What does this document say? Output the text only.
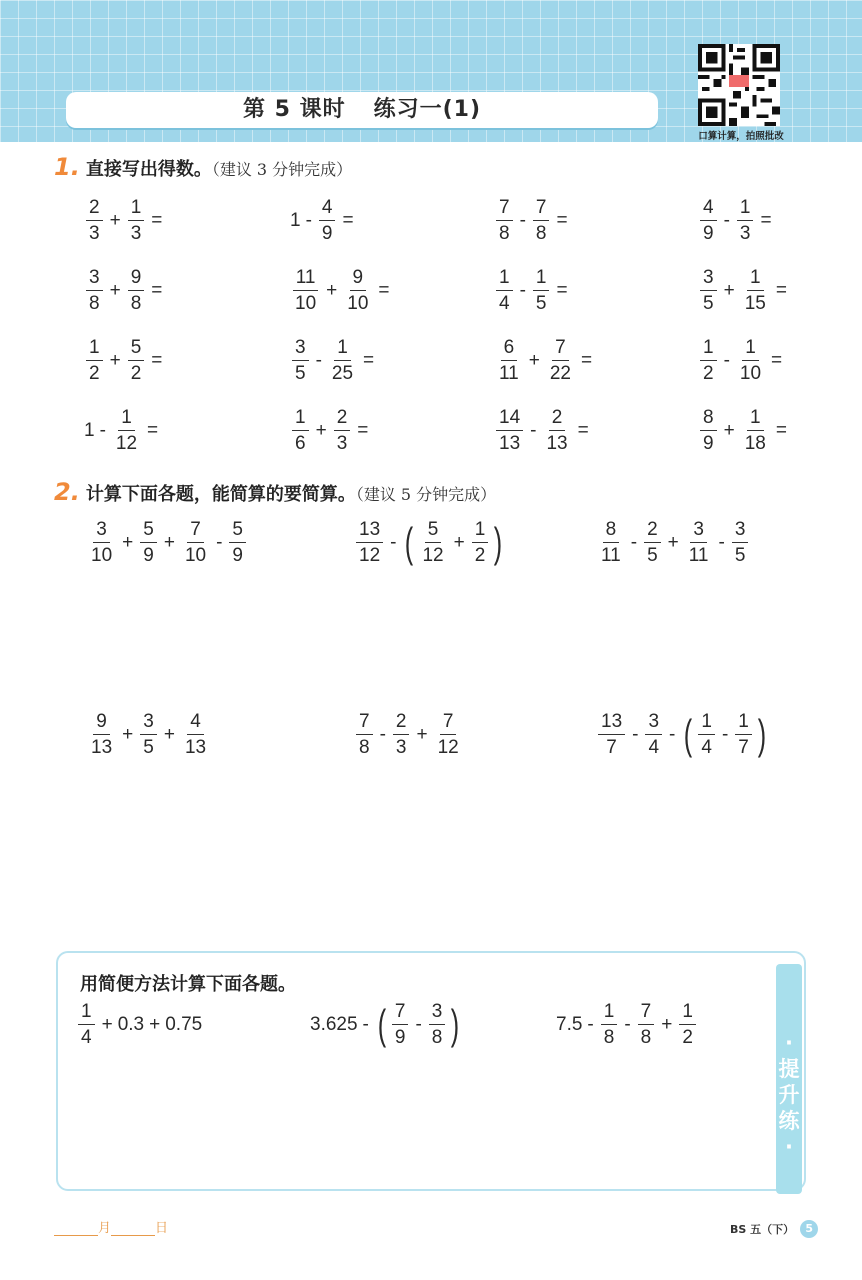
第 5 课时 练习一(1)
口算计算，拍照批改
1. 直接写出得数。（建议 3 分钟完成）
$\frac{2}{3} + \frac{1}{3}$ =	$1 - \frac{4}{9}$ =	$\frac{7}{8} - \frac{7}{8}$ =	$\frac{4}{9} - \frac{1}{3}$ =
$\frac{3}{8} + \frac{9}{8}$ =	$\frac{11}{10} + \frac{9}{10}$ =	$\frac{1}{4} - \frac{1}{5}$ =	$\frac{3}{5} + \frac{1}{15}$ =
$\frac{1}{2} + \frac{5}{2}$ =	$\frac{3}{5} - \frac{1}{25}$ =	$\frac{6}{11} + \frac{7}{22}$ =	$\frac{1}{2} - \frac{1}{10}$ =
$1 - \frac{1}{12}$ =	$\frac{1}{6} + \frac{2}{3}$ =	$\frac{14}{13} - \frac{2}{13}$ =	$\frac{8}{9} + \frac{1}{18}$ =
2. 计算下面各题，能简算的要简算。（建议 5 分钟完成）
$\frac{3}{10} + \frac{5}{9} + \frac{7}{10} - \frac{5}{9}$	$\frac{13}{12}$ - ( $\frac{5}{12} + \frac{1}{2}$ )	$\frac{8}{11} - \frac{2}{5} + \frac{3}{11} - \frac{3}{5}$
$\frac{9}{13} + \frac{3}{5} + \frac{4}{13}$	$\frac{7}{8} - \frac{2}{3} + \frac{7}{12}$	$\frac{13}{7} - \frac{3}{4}$ - ( $\frac{1}{4} - \frac{1}{7}$ )
·
提
升
练
·
用简便方法计算下面各题。
$\frac{1}{4} + 0.3 + 0.75$	3.625 - ( $\frac{7}{9} - \frac{3}{8}$ )	$7.5 - \frac{1}{8} - \frac{7}{8} + \frac{1}{2}$
月	日	BS 五（下）	5
